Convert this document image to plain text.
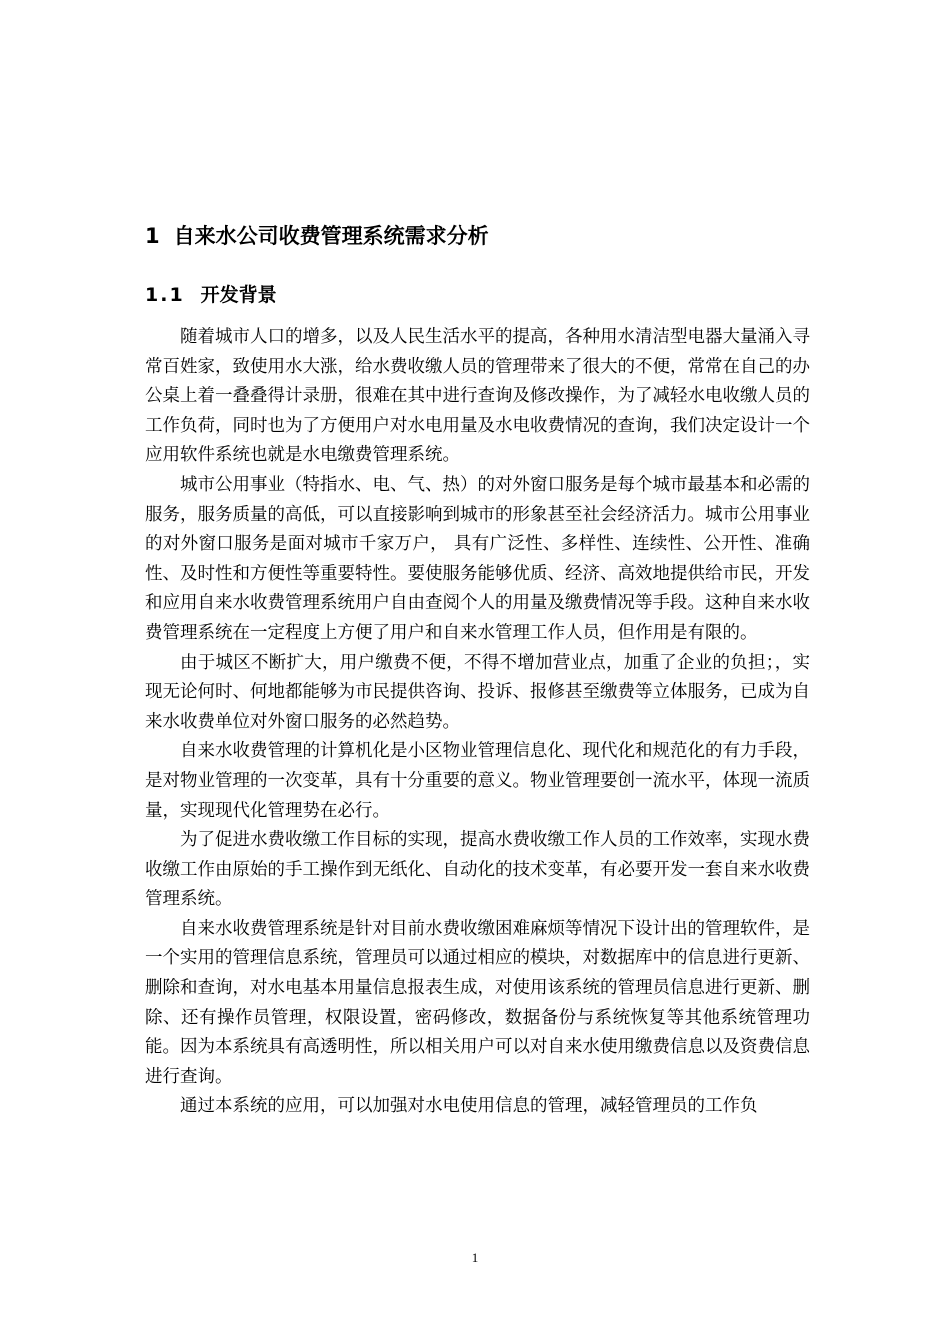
1 自来水公司收费管理系统需求分析
1.1 开发背景

随着城市人口的增多，以及人民生活水平的提高，各种用水清洁型电器大量涌入寻常百姓家，致使用水大涨，给水费收缴人员的管理带来了很大的不便，常常在自己的办公桌上着一叠叠得计录册，很难在其中进行查询及修改操作，为了减轻水电收缴人员的工作负荷，同时也为了方便用户对水电用量及水电收费情况的查询，我们决定设计一个应用软件系统也就是水电缴费管理系统。

城市公用事业（特指水、电、气、热）的对外窗口服务是每个城市最基本和必需的服务，服务质量的高低，可以直接影响到城市的形象甚至社会经济活力。城市公用事业的对外窗口服务是面对城市千家万户， 具有广泛性、多样性、连续性、公开性、准确性、及时性和方便性等重要特性。要使服务能够优质、经济、高效地提供给市民，开发和应用自来水收费管理系统用户自由查阅个人的用量及缴费情况等手段。这种自来水收费管理系统在一定程度上方便了用户和自来水管理工作人员，但作用是有限的。

由于城区不断扩大，用户缴费不便，不得不增加营业点，加重了企业的负担；，实现无论何时、何地都能够为市民提供咨询、投诉、报修甚至缴费等立体服务，已成为自来水收费单位对外窗口服务的必然趋势。

自来水收费管理的计算机化是小区物业管理信息化、现代化和规范化的有力手段，是对物业管理的一次变革，具有十分重要的意义。物业管理要创一流水平，体现一流质量，实现现代化管理势在必行。

为了促进水费收缴工作目标的实现，提高水费收缴工作人员的工作效率，实现水费收缴工作由原始的手工操作到无纸化、自动化的技术变革，有必要开发一套自来水收费管理系统。

自来水收费管理系统是针对目前水费收缴困难麻烦等情况下设计出的管理软件，是一个实用的管理信息系统，管理员可以通过相应的模块，对数据库中的信息进行更新、删除和查询，对水电基本用量信息报表生成，对使用该系统的管理员信息进行更新、删除、还有操作员管理，权限设置，密码修改，数据备份与系统恢复等其他系统管理功能。因为本系统具有高透明性，所以相关用户可以对自来水使用缴费信息以及资费信息进行查询。

通过本系统的应用，可以加强对水电使用信息的管理，减轻管理员的工作负

1
